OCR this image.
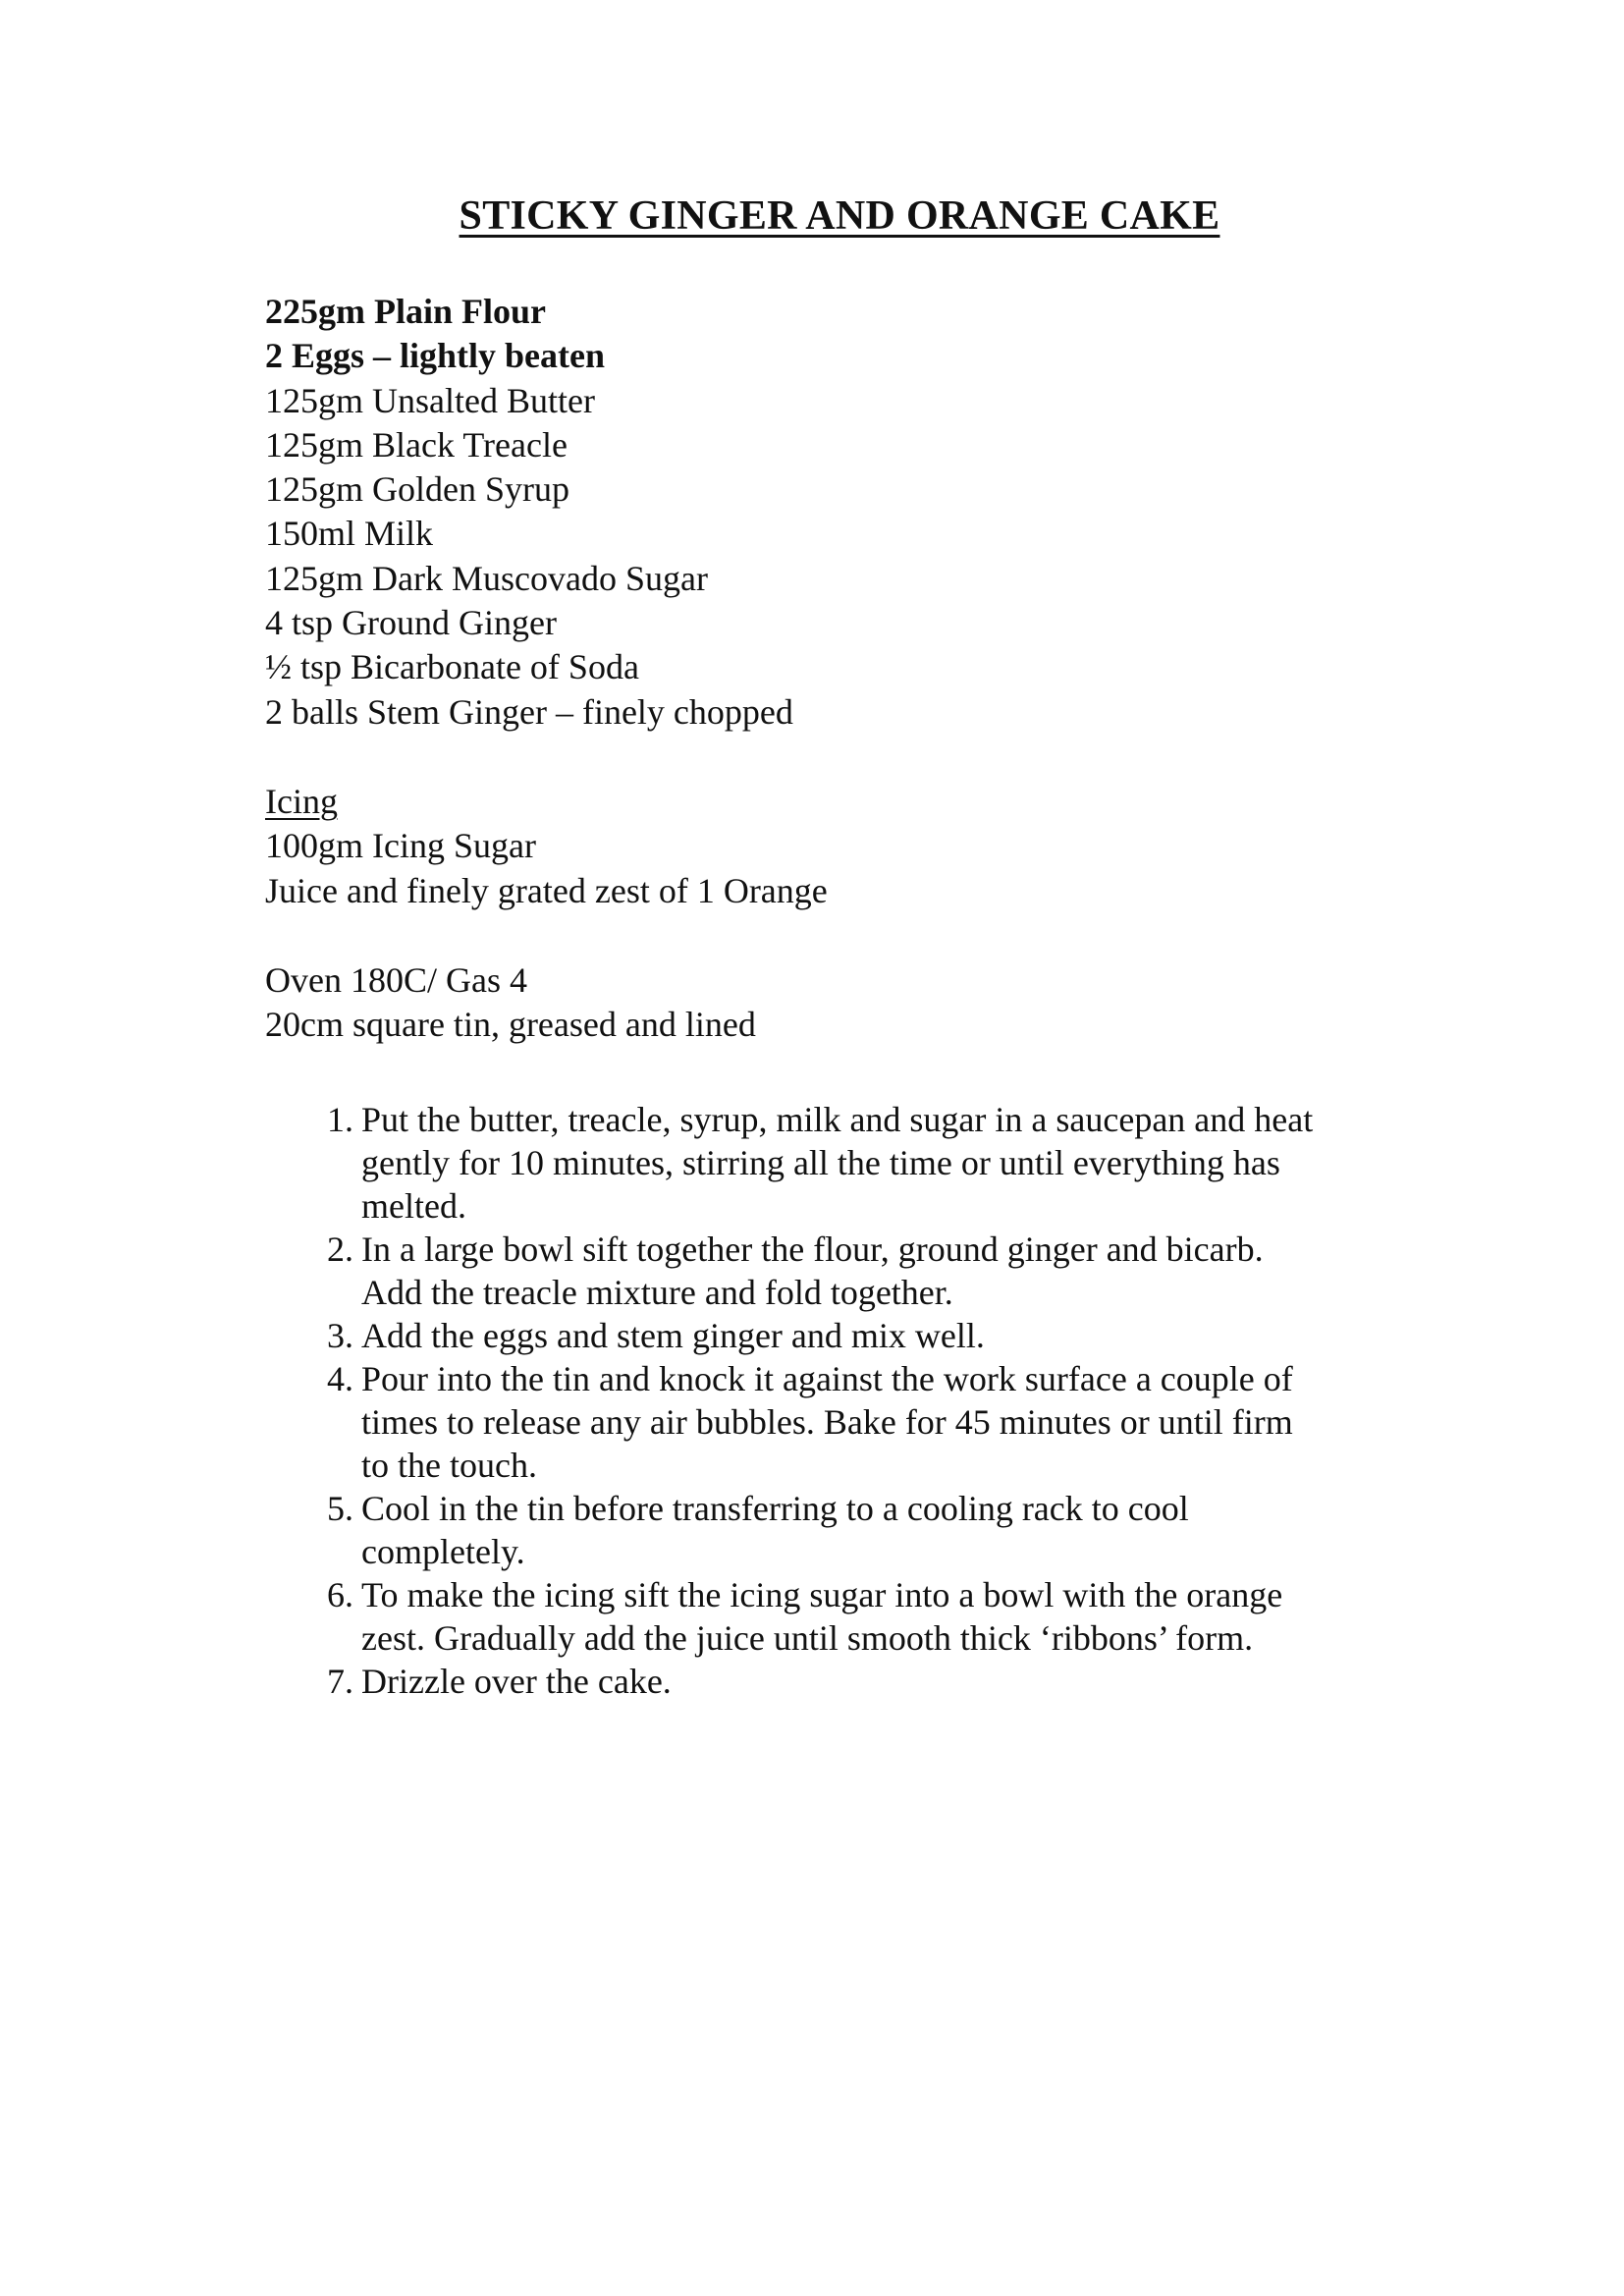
STICKY GINGER AND ORANGE CAKE
225gm Plain Flour
2 Eggs – lightly beaten
125gm Unsalted Butter
125gm Black Treacle
125gm Golden Syrup
150ml Milk
125gm Dark Muscovado Sugar
4 tsp Ground Ginger
½ tsp Bicarbonate of Soda
2 balls Stem Ginger – finely chopped
Icing
100gm Icing Sugar
Juice and finely grated zest of 1 Orange
Oven 180C/ Gas 4
20cm square tin, greased and lined
1. Put the butter, treacle, syrup, milk and sugar in a saucepan and heat
gently for 10 minutes, stirring all the time or until everything has
melted.
2. In a large bowl sift together the flour, ground ginger and bicarb.
Add the treacle mixture and fold together.
3. Add the eggs and stem ginger and mix well.
4. Pour into the tin and knock it against the work surface a couple of
times to release any air bubbles. Bake for 45 minutes or until firm
to the touch.
5. Cool in the tin before transferring to a cooling rack to cool
completely.
6. To make the icing sift the icing sugar into a bowl with the orange
zest. Gradually add the juice until smooth thick ‘ribbons’ form.
7. Drizzle over the cake.
